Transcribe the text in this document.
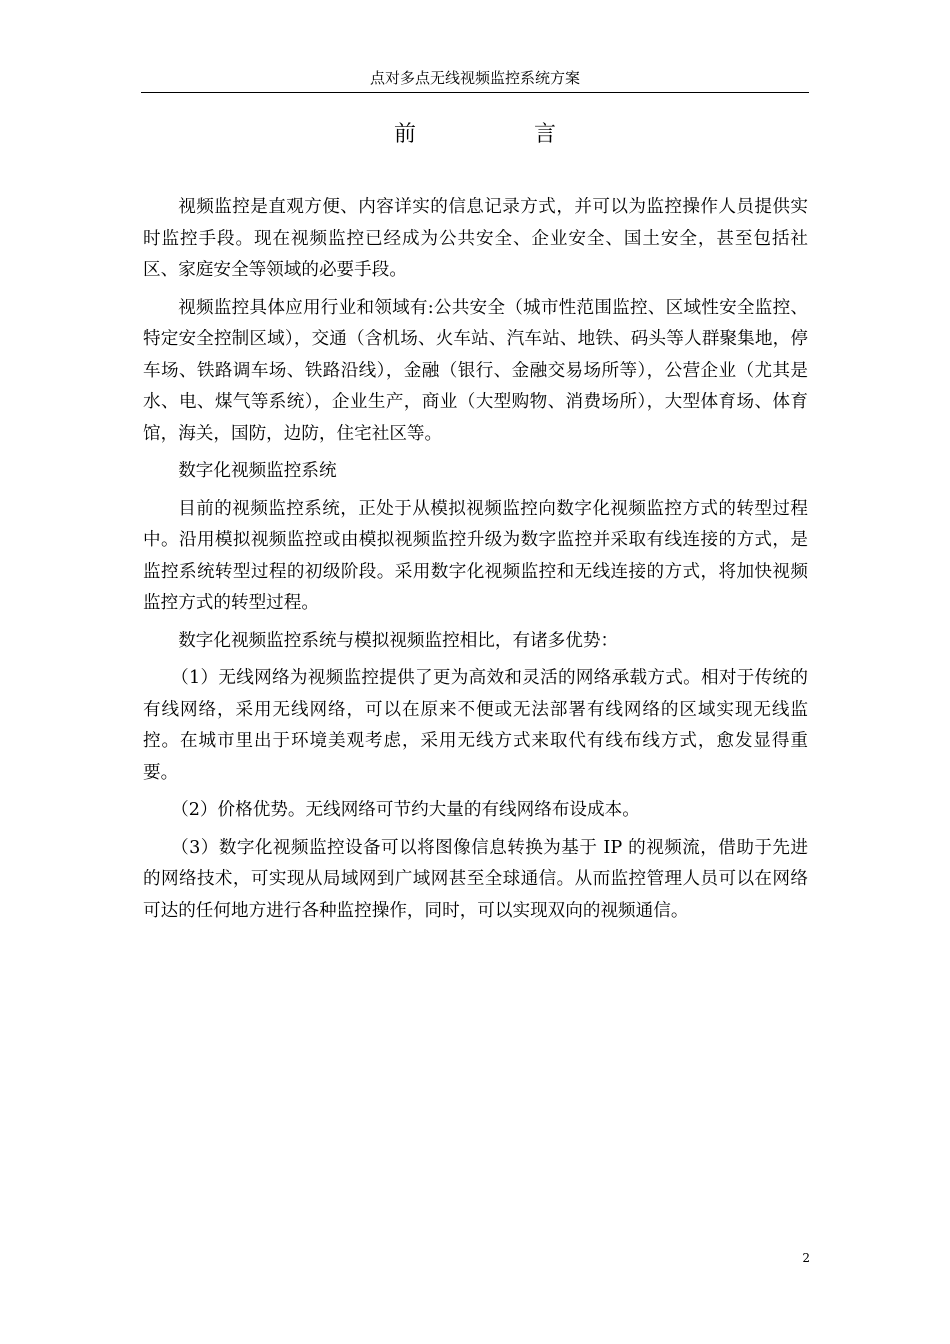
点对多点无线视频监控系统方案
前言

视频监控是直观方便、内容详实的信息记录方式，并可以为监控操作人员提供实时监控手段。现在视频监控已经成为公共安全、企业安全、国土安全，甚至包括社区、家庭安全等领域的必要手段。

视频监控具体应用行业和领域有:公共安全（城市性范围监控、区域性安全监控、特定安全控制区域），交通（含机场、火车站、汽车站、地铁、码头等人群聚集地，停车场、铁路调车场、铁路沿线），金融（银行、金融交易场所等），公营企业（尤其是水、电、煤气等系统），企业生产，商业（大型购物、消费场所），大型体育场、体育馆，海关，国防，边防，住宅社区等。

数字化视频监控系统

目前的视频监控系统，正处于从模拟视频监控向数字化视频监控方式的转型过程中。沿用模拟视频监控或由模拟视频监控升级为数字监控并采取有线连接的方式，是监控系统转型过程的初级阶段。采用数字化视频监控和无线连接的方式，将加快视频监控方式的转型过程。

数字化视频监控系统与模拟视频监控相比，有诸多优势：

（1）无线网络为视频监控提供了更为高效和灵活的网络承载方式。相对于传统的有线网络，采用无线网络，可以在原来不便或无法部署有线网络的区域实现无线监控。在城市里出于环境美观考虑，采用无线方式来取代有线布线方式，愈发显得重要。

（2）价格优势。无线网络可节约大量的有线网络布设成本。

（3）数字化视频监控设备可以将图像信息转换为基于 IP 的视频流，借助于先进的网络技术，可实现从局域网到广域网甚至全球通信。从而监控管理人员可以在网络可达的任何地方进行各种监控操作，同时，可以实现双向的视频通信。

2
